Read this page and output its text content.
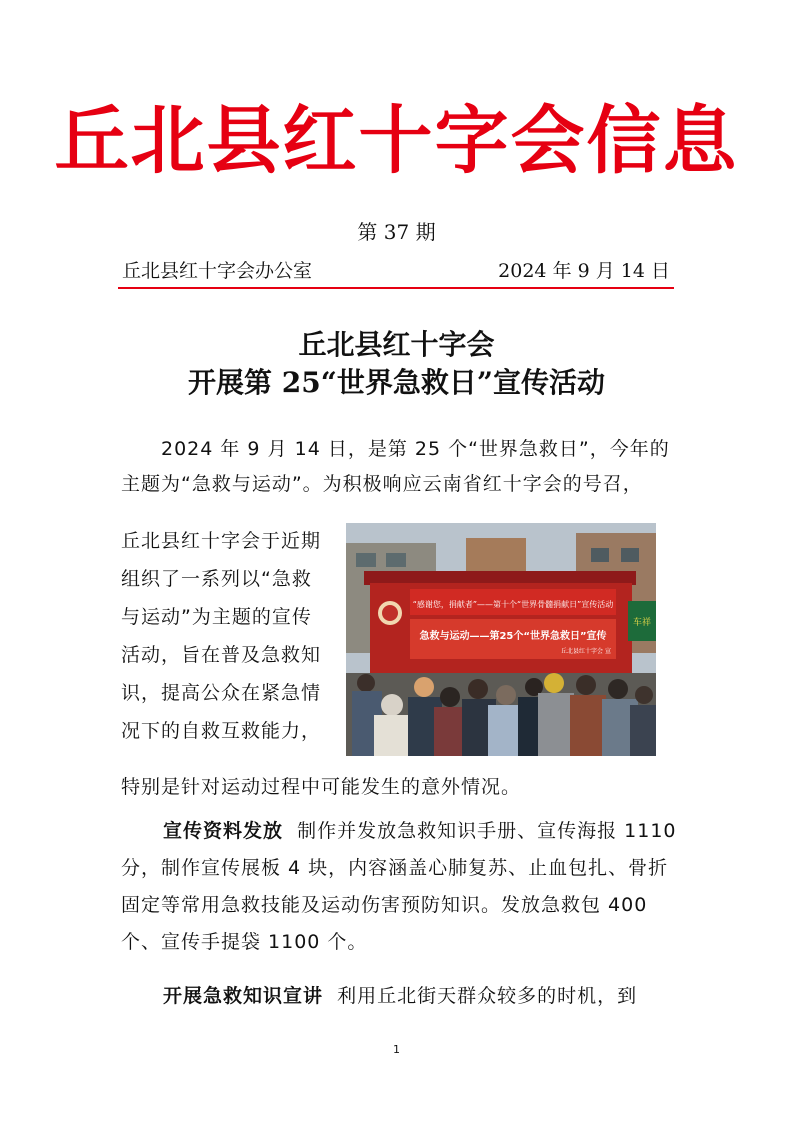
丘北县红十字会信息
第 37 期
丘北县红十字会办公室	2024 年 9 月 14 日
丘北县红十字会
开展第 25“世界急救日”宣传活动
2024 年 9 月 14 日，是第 25 个“世界急救日”，今年的
主题为“急救与运动”。为积极响应云南省红十字会的号召，
丘北县红十字会于近期
组织了一系列以“急救
与运动”为主题的宣传
活动，旨在普及急救知
识，提高公众在紧急情
况下的自救互救能力，
“感谢您，捐献者”——第十个“世界骨髓捐献日”宣传活动
急救与运动——第25个“世界急救日”宣传
丘北县红十字会 宣
车祥
特别是针对运动过程中可能发生的意外情况。
宣传资料发放 制作并发放急救知识手册、宣传海报 1110 分，制作宣传展板 4 块，内容涵盖心肺复苏、止血包扎、骨折固定等常用急救技能及运动伤害预防知识。发放急救包 400 个、宣传手提袋 1100 个。
开展急救知识宣讲 利用丘北街天群众较多的时机，到
1
